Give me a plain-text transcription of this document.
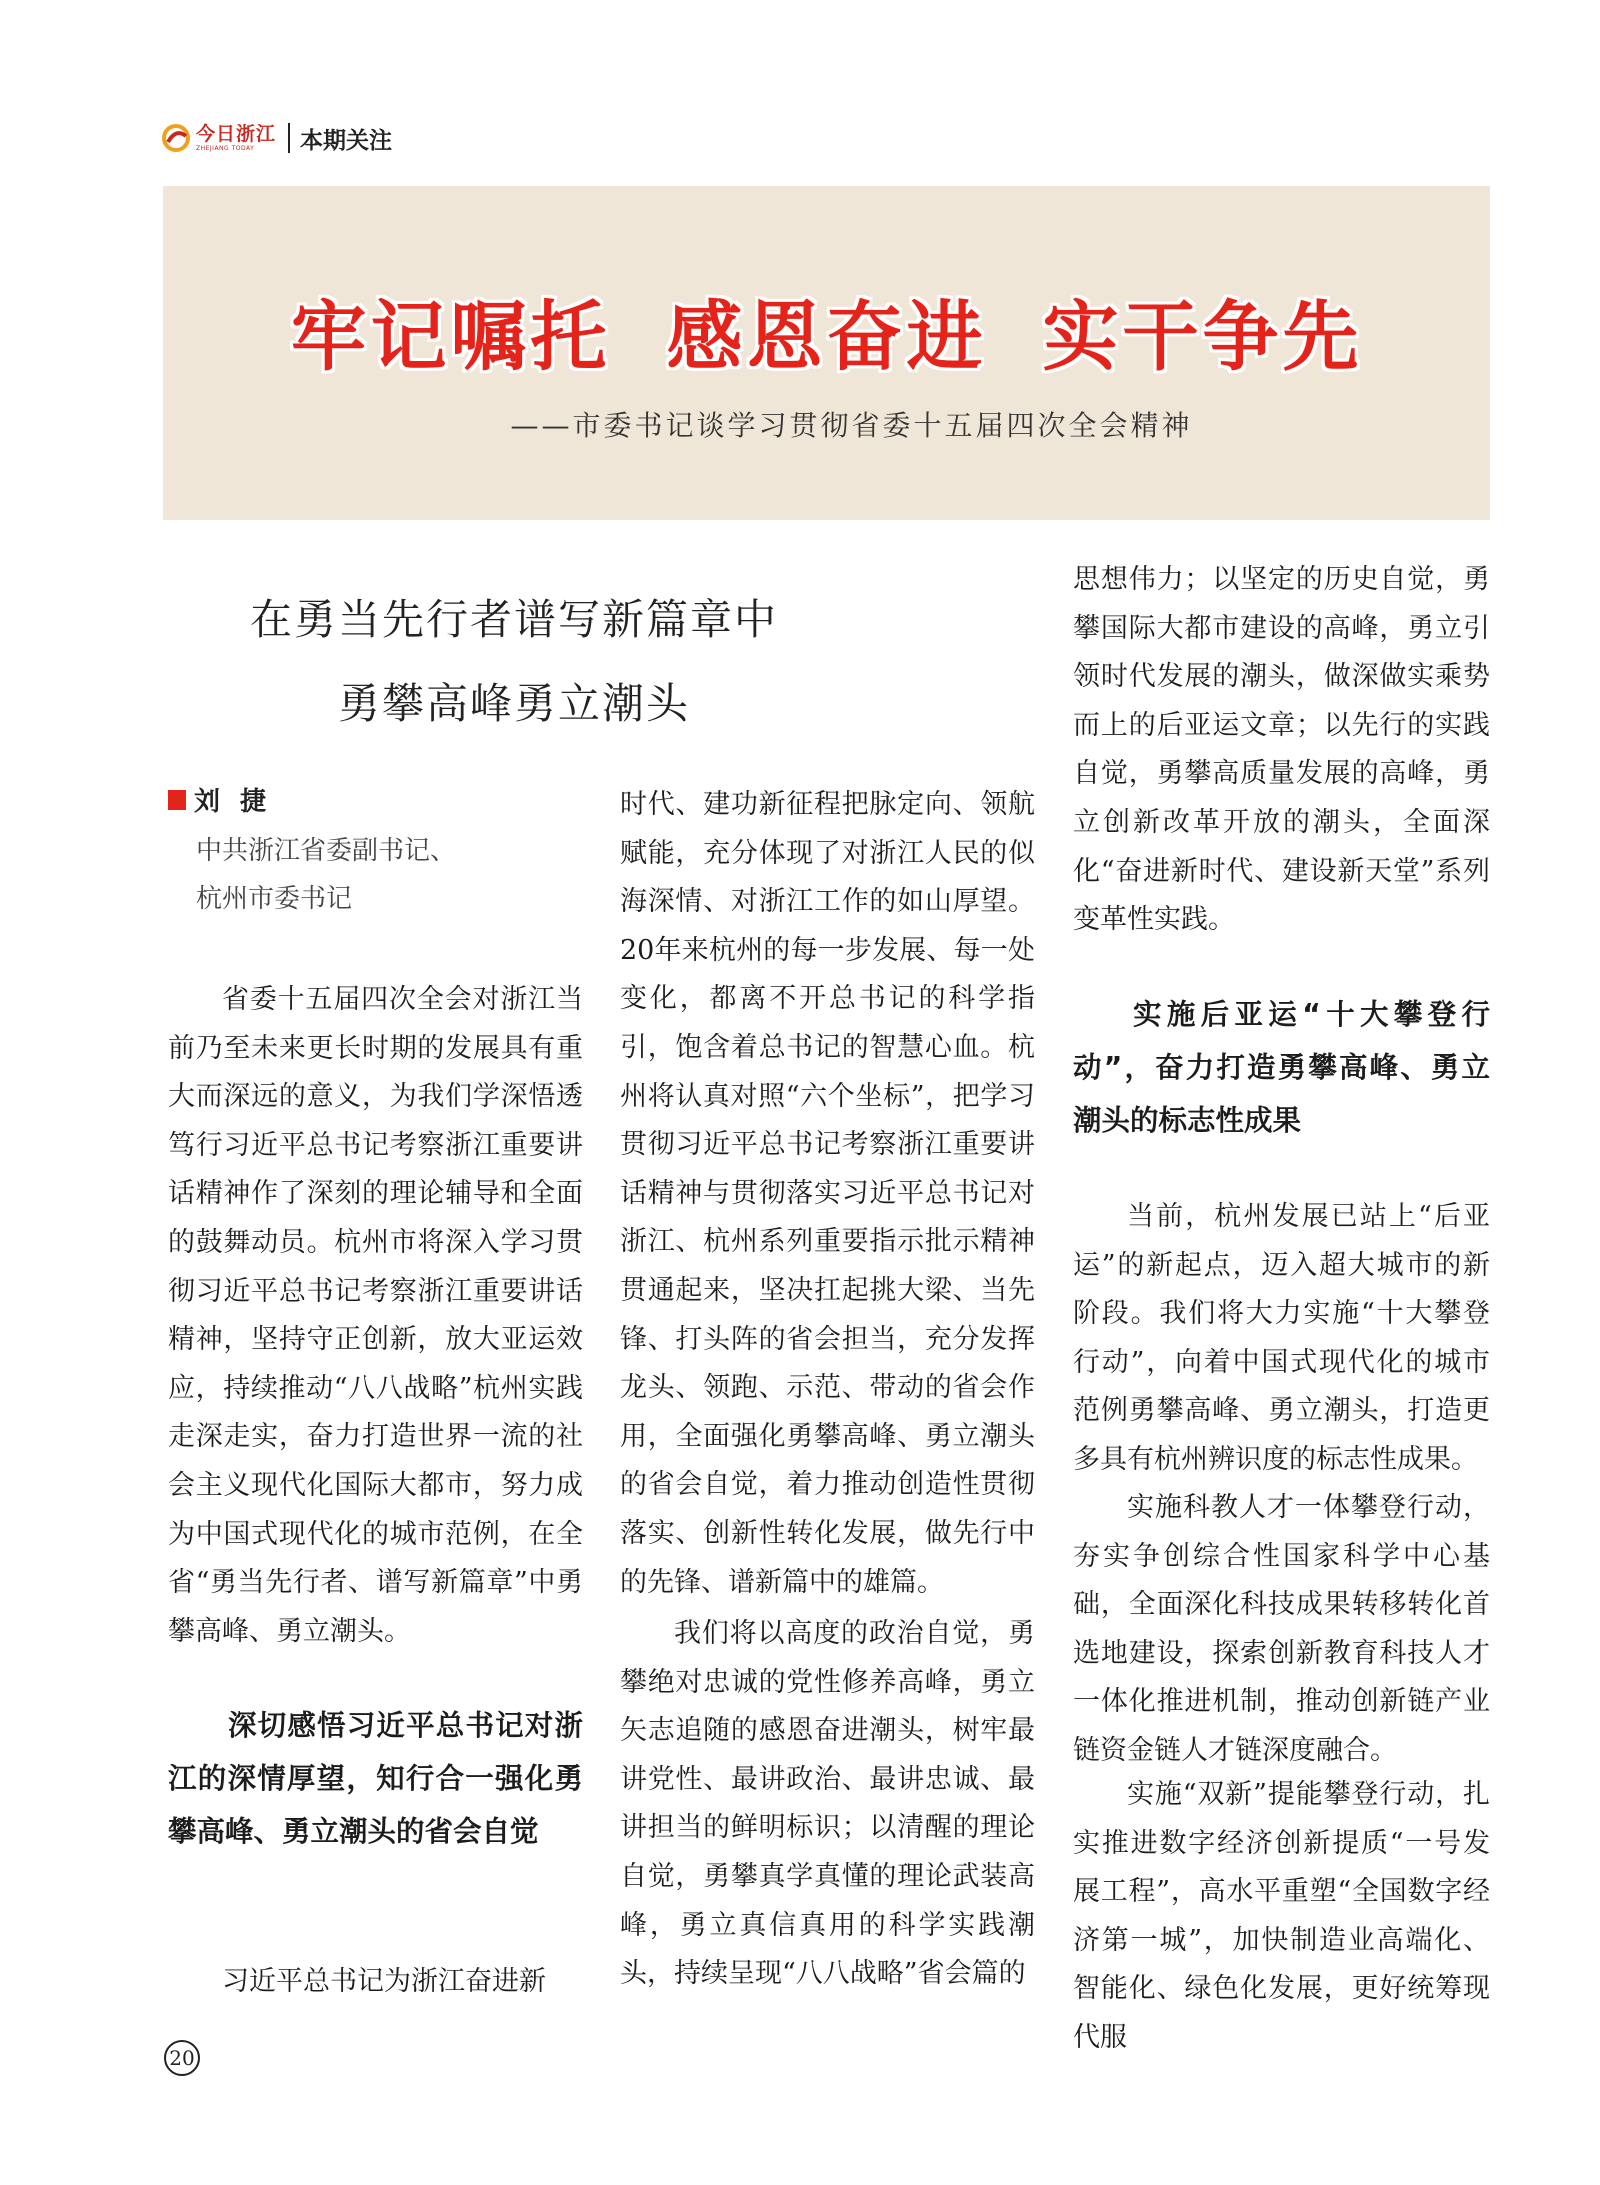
今日浙江
ZHEJIANG TODAY	本期关注
牢记嘱托 感恩奋进 实干争先
——市委书记谈学习贯彻省委十五届四次全会精神
在勇当先行者谱写新篇章中
勇攀高峰勇立潮头
刘捷
中共浙江省委副书记、
杭州市委书记

省委十五届四次全会对浙江当前乃至未来更长时期的发展具有重大而深远的意义，为我们学深悟透笃行习近平总书记考察浙江重要讲话精神作了深刻的理论辅导和全面的鼓舞动员。杭州市将深入学习贯彻习近平总书记考察浙江重要讲话精神，坚持守正创新，放大亚运效应，持续推动“八八战略”杭州实践走深走实，奋力打造世界一流的社会主义现代化国际大都市，努力成为中国式现代化的城市范例，在全省“勇当先行者、谱写新篇章”中勇攀高峰、勇立潮头。

深切感悟习近平总书记对浙江的深情厚望，知行合一强化勇攀高峰、勇立潮头的省会自觉

习近平总书记为浙江奋进新

时代、建功新征程把脉定向、领航赋能，充分体现了对浙江人民的似海深情、对浙江工作的如山厚望。20年来杭州的每一步发展、每一处变化，都离不开总书记的科学指引，饱含着总书记的智慧心血。杭州将认真对照“六个坐标”，把学习贯彻习近平总书记考察浙江重要讲话精神与贯彻落实习近平总书记对浙江、杭州系列重要指示批示精神贯通起来，坚决扛起挑大梁、当先锋、打头阵的省会担当，充分发挥龙头、领跑、示范、带动的省会作用，全面强化勇攀高峰、勇立潮头的省会自觉，着力推动创造性贯彻落实、创新性转化发展，做先行中的先锋、谱新篇中的雄篇。

我们将以高度的政治自觉，勇攀绝对忠诚的党性修养高峰，勇立矢志追随的感恩奋进潮头，树牢最讲党性、最讲政治、最讲忠诚、最讲担当的鲜明标识；以清醒的理论自觉，勇攀真学真懂的理论武装高峰，勇立真信真用的科学实践潮头，持续呈现“八八战略”省会篇的

思想伟力；以坚定的历史自觉，勇攀国际大都市建设的高峰，勇立引领时代发展的潮头，做深做实乘势而上的后亚运文章；以先行的实践自觉，勇攀高质量发展的高峰，勇立创新改革开放的潮头，全面深化“奋进新时代、建设新天堂”系列变革性实践。

实施后亚运“十大攀登行动”，奋力打造勇攀高峰、勇立潮头的标志性成果

当前，杭州发展已站上“后亚运”的新起点，迈入超大城市的新阶段。我们将大力实施“十大攀登行动”，向着中国式现代化的城市范例勇攀高峰、勇立潮头，打造更多具有杭州辨识度的标志性成果。

实施科教人才一体攀登行动，夯实争创综合性国家科学中心基础，全面深化科技成果转移转化首选地建设，探索创新教育科技人才一体化推进机制，推动创新链产业链资金链人才链深度融合。

实施“双新”提能攀登行动，扎实推进数字经济创新提质“一号发展工程”，高水平重塑“全国数字经济第一城”，加快制造业高端化、智能化、绿色化发展，更好统筹现代服

20
